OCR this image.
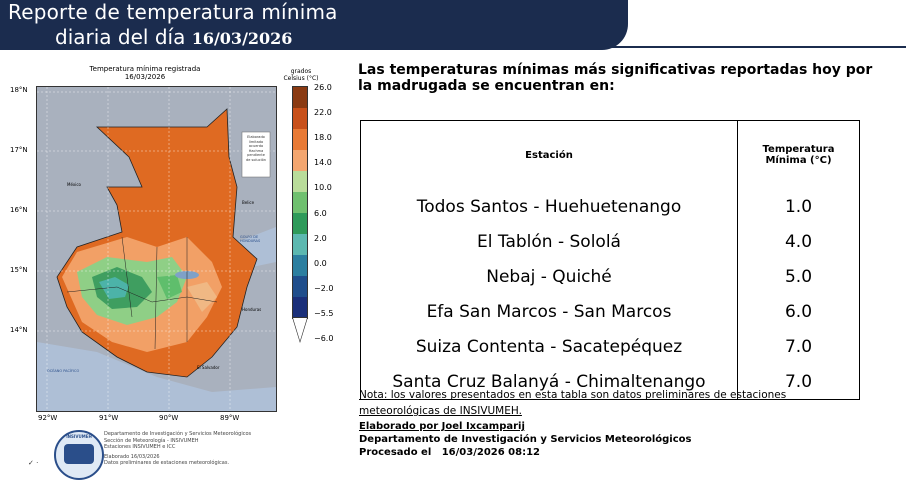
Reporte de temperatura mínima
diaria del día 16/03/2026
Temperatura mínima registrada
16/03/2026
Elaborado
limitado
acuerdo
Hachma
pendiente
de solución
México
Belice
Honduras
El Salvador
OCÉANO PACÍFICO
GOLFO DE HONDURAS
18°N
17°N
16°N
15°N
14°N
92°W	91°W	90°W	89°W
grados
Celsius (°C)
26.0
22.0
18.0
14.0
10.0
6.0
2.0
0.0
−2.0
−5.5
−6.0
INSIVUMEH	Departamento de Investigación y Servicios Meteorológicos
Sección de Meteorología - INSIVUMEH
Estaciones INSIVUMEH e ICC
Elaborado 16/03/2026
Datos preliminares de estaciones meteorológicas.
Las temperaturas mínimas más significativas reportadas hoy por la madrugada se encuentran en:
Estación	Temperatura
Mínima (°C)

Todos Santos - Huehuetenango	1.0
El Tablón - Sololá	4.0
Nebaj - Quiché	5.0
Efa San Marcos - San Marcos	6.0
Suiza Contenta - Sacatepéquez	7.0
Santa Cruz Balanyá - Chimaltenango	7.0
Nota: los valores presentados en esta tabla son datos preliminares de estaciones
meteorológicas de INSIVUMEH.
Elaborado por Joel Ixcamparij
Departamento de Investigación y Servicios Meteorológicos
Procesado el 16/03/2026 08:12
✓ ·
